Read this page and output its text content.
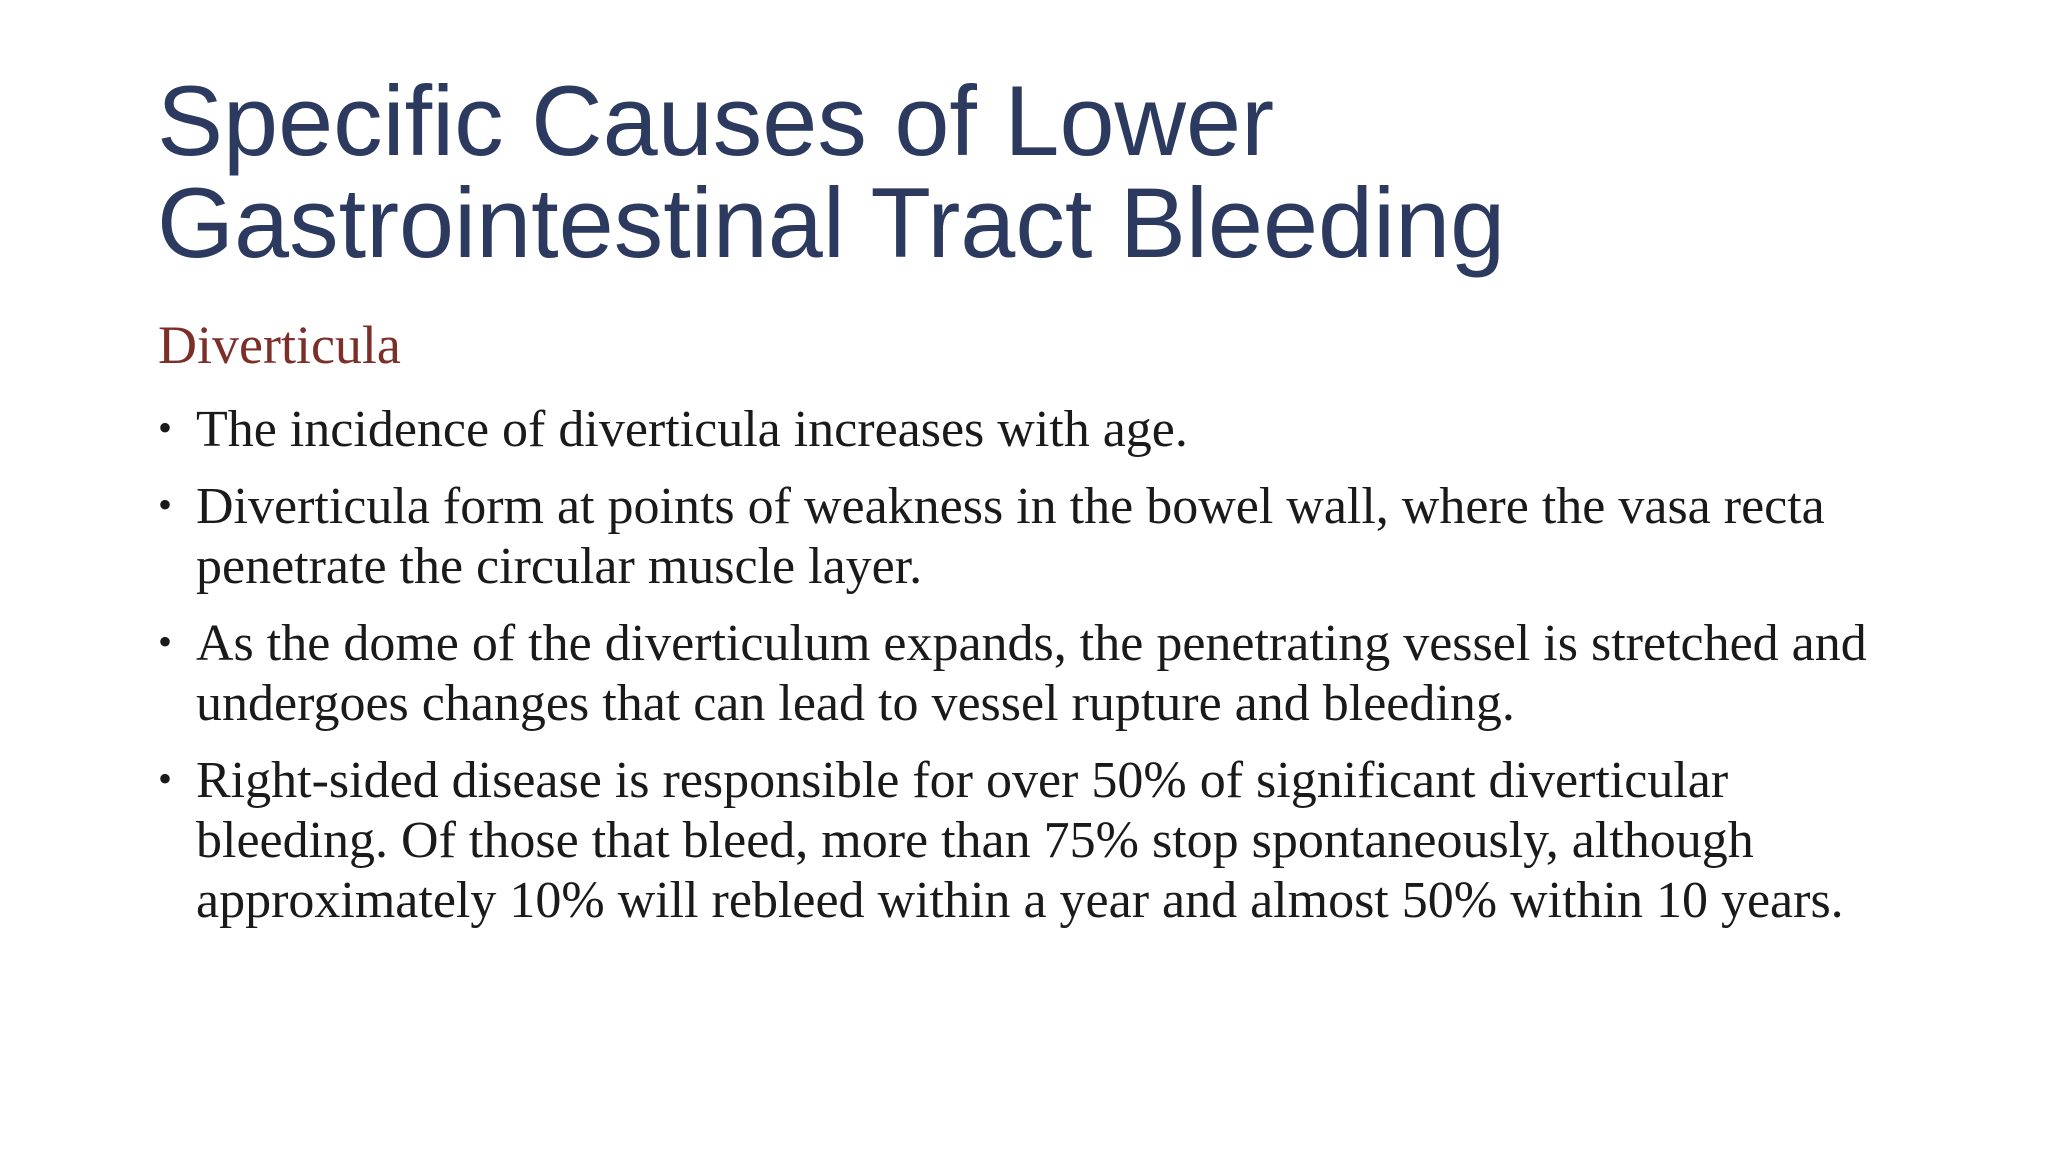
Specific Causes of Lower Gastrointestinal Tract Bleeding

Diverticula

• The incidence of diverticula increases with age.
• Diverticula form at points of weakness in the bowel wall, where the vasa recta penetrate the circular muscle layer.
• As the dome of the diverticulum expands, the penetrating vessel is stretched and undergoes changes that can lead to vessel rupture and bleeding.
• Right-sided disease is responsible for over 50% of significant diverticular bleeding. Of those that bleed, more than 75% stop spontaneously, although approximately 10% will rebleed within a year and almost 50% within 10 years.
